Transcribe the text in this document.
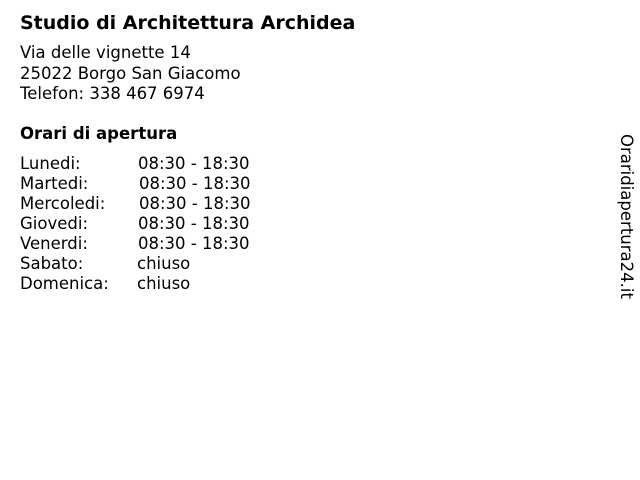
Studio di Architettura Archidea
Via delle vignette 14
25022 Borgo San Giacomo
Telefon: 338 467 6974
Orari di apertura
Lunedi:	08:30 - 18:30
Martedi:	08:30 - 18:30
Mercoledi: 08:30 - 18:30
Giovedi:	08:30 - 18:30
Venerdi:	08:30 - 18:30
Sabato:	chiuso
Domenica: chiuso	Oraridiapertura24.it
